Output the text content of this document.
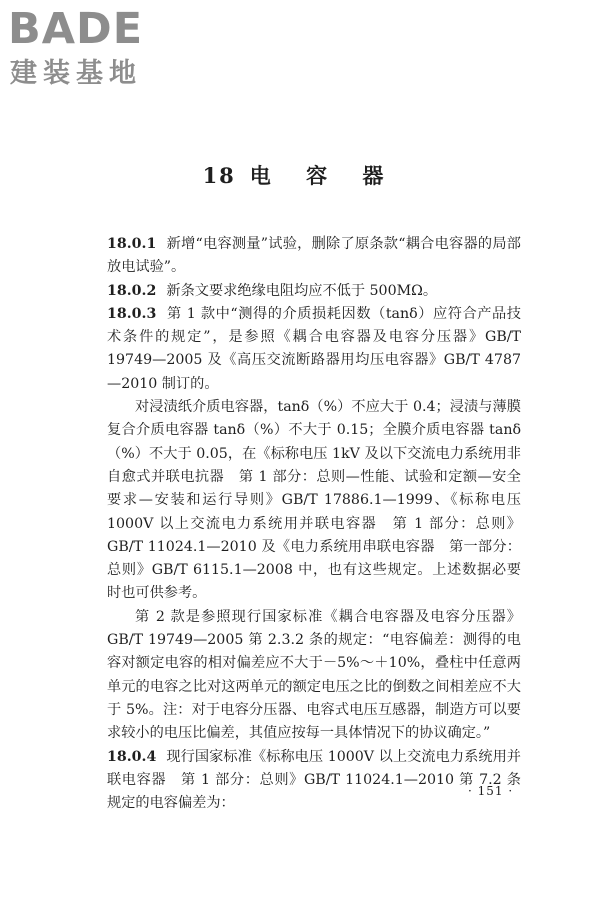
BADE
建装基地
18 电 容 器

18.0.1 新增“电容测量”试验，删除了原条款“耦合电容器的局部放电试验”。

18.0.2 新条文要求绝缘电阻均应不低于 500MΩ。

18.0.3 第 1 款中“测得的介质损耗因数（tanδ）应符合产品技术条件的规定”，是参照《耦合电容器及电容分压器》GB/T 19749—2005 及《高压交流断路器用均压电容器》GB/T 4787—2010 制订的。

对浸渍纸介质电容器，tanδ（%）不应大于 0.4；浸渍与薄膜复合介质电容器 tanδ（%）不大于 0.15；全膜介质电容器 tanδ（%）不大于 0.05，在《标称电压 1kV 及以下交流电力系统用非自愈式并联电抗器　第 1 部分：总则—性能、试验和定额—安全要求—安装和运行导则》GB/T 17886.1—1999、《标称电压 1000V 以上交流电力系统用并联电容器　第 1 部分：总则》GB/T 11024.1—2010 及《电力系统用串联电容器　第一部分：总则》GB/T 6115.1—2008 中，也有这些规定。上述数据必要时也可供参考。

第 2 款是参照现行国家标准《耦合电容器及电容分压器》GB/T 19749—2005 第 2.3.2 条的规定：“电容偏差：测得的电容对额定电容的相对偏差应不大于－5%～＋10%，叠柱中任意两单元的电容之比对这两单元的额定电压之比的倒数之间相差应不大于 5%。注：对于电容分压器、电容式电压互感器，制造方可以要求较小的电压比偏差，其值应按每一具体情况下的协议确定。”

18.0.4 现行国家标准《标称电压 1000V 以上交流电力系统用并联电容器　第 1 部分：总则》GB/T 11024.1—2010 第 7.2 条规定的电容偏差为：

· 151 ·
